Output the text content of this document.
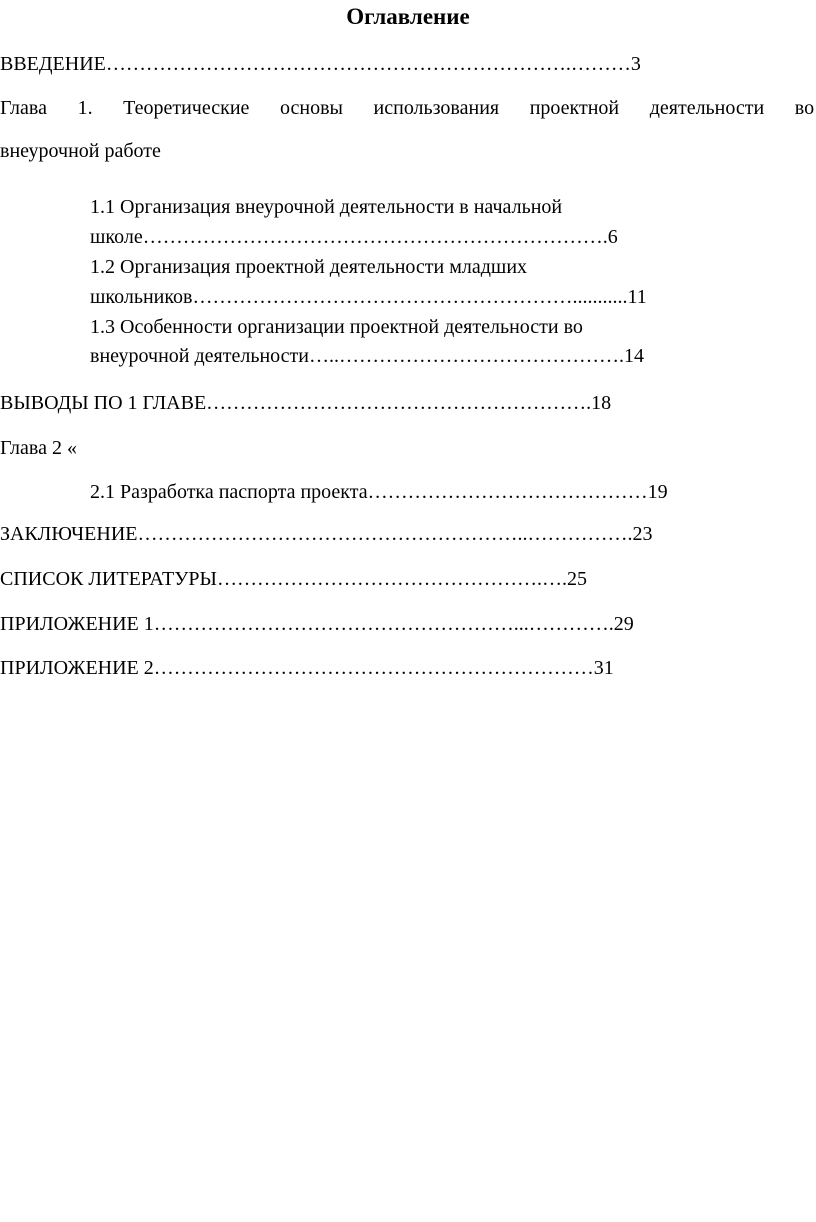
Оглавление
ВВЕДЕНИЕ…………………………………………………………….………3
Глава 1. Теоретические основы использования проектной деятельности во
внеурочной работе
1.1 Организация внеурочной деятельности в начальной
школе…………………………………………………………….6
1.2 Организация проектной деятельности младших
школьников…………………………………………………...........11
1.3 Особенности организации проектной деятельности во
внеурочной деятельности…..…………………………………….14
ВЫВОДЫ ПО 1 ГЛАВЕ………………………………………………….18
Глава 2 «
2.1 Разработка паспорта проекта……………………………………19
ЗАКЛЮЧЕНИЕ…………………………………………………..…………….23
СПИСОК ЛИТЕРАТУРЫ………………………………………….….25
ПРИЛОЖЕНИЕ 1………………………………………………...………….29
ПРИЛОЖЕНИЕ 2…………………………………………………………31
